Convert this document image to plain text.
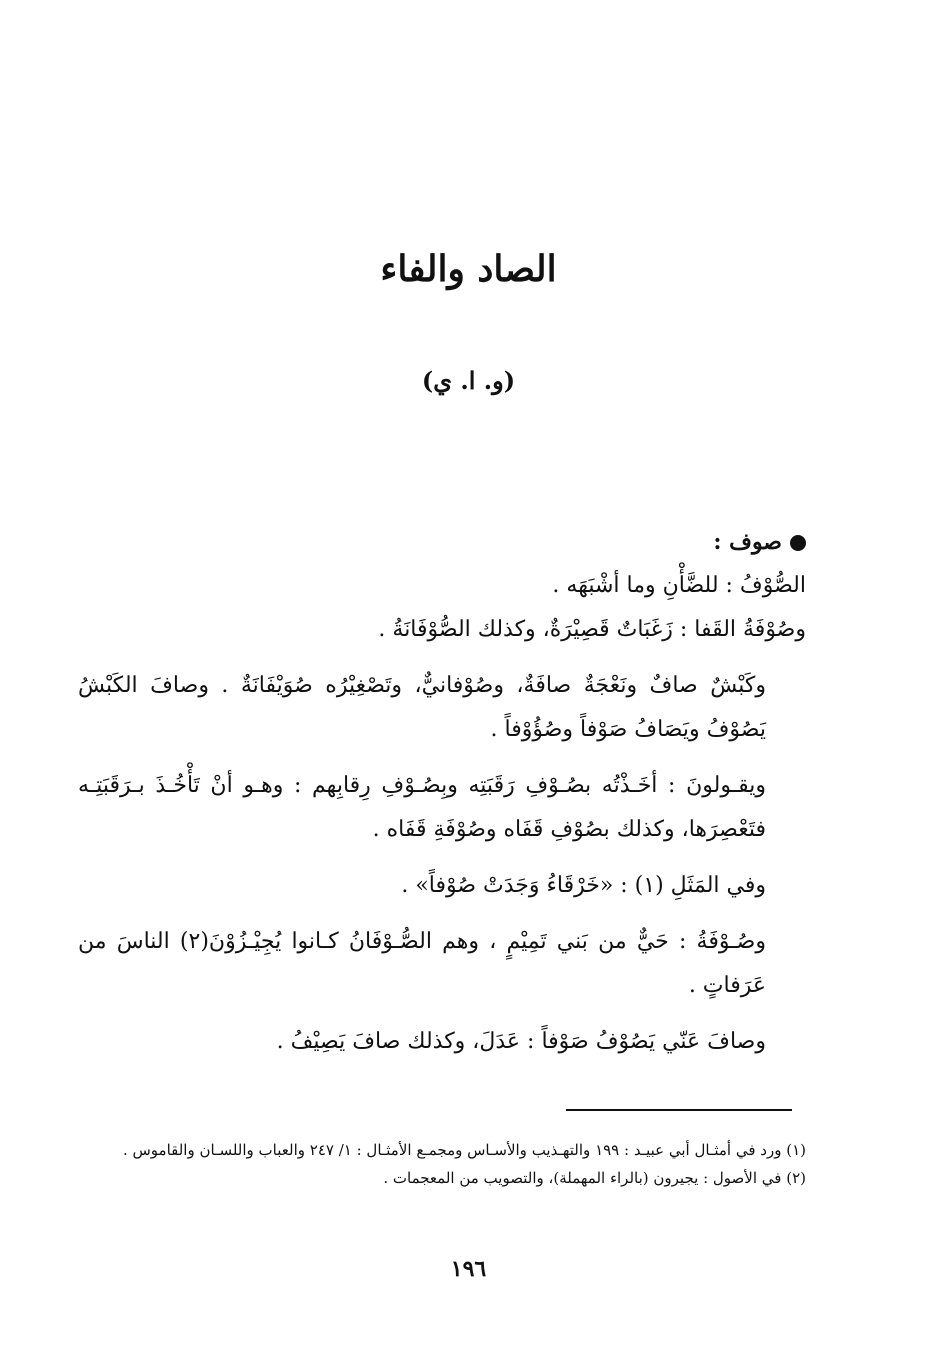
الصاد والفاء
(و. ا. ي)
صوف :
الصُّوْفُ : للضَّأْنِ وما أشْبَهَه .
وصُوْفَةُ القَفا : زَغَبَاتٌ قَصِيْرَةٌ، وكذلك الصُّوْفَانَةُ .
وكَبْشٌ صافٌ ونَعْجَةٌ صافَةٌ، وصُوْفانيٌّ، وتَصْغِيْرُه صُوَيْفَانَةٌ . وصافَ الكَبْشُ يَصُوْفُ ويَصَافُ صَوْفاً وصُؤُوْفاً .
ويقـولونَ : أخَـذْتُه بصُـوْفِ رَقَبَتِه وبِصُـوْفِ رِقابِهم : وهـو أنْ تَأْخُـذَ بـرَقَبَتِـه فتَعْصِرَها، وكذلك بصُوْفِ قَفَاه وصُوْفَةِ قَفَاه .
وفي المَثَلِ (١) : «خَرْقَاءُ وَجَدَتْ صُوْفاً» .
وصُـوْفَةُ : حَيٌّ من بَني تَمِيْمٍ ، وهم الصُّـوْفَانُ كـانوا يُجِيْـزُوْنَ(٢) الناسَ من عَرَفاتٍ .
وصافَ عَنّي يَصُوْفُ صَوْفاً : عَدَلَ، وكذلك صافَ يَصِيْفُ .

(١) ورد في أمثـال أبي عبيـد : ١٩٩ والتهـذيب والأسـاس ومجمـع الأمثـال : ١/ ٢٤٧ والعباب واللسـان والقاموس .

(٢) في الأصول : يجيرون (بالراء المهملة)، والتصويب من المعجمات .

١٩٦
